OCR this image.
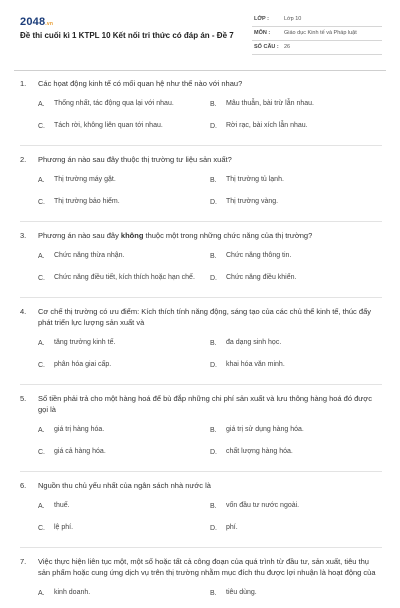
2048.vn
Đề thi cuối kì 1 KTPL 10 Kết nối tri thức có đáp án - Đề 7
LỚP :	Lớp 10
MÔN :	Giáo dục Kinh tế và Pháp luật
SỐ CÂU : 26
1. Các họat động kinh tế có mối quan hệ như thế nào với nhau?
A.	Thống nhất, tác động qua lại với nhau.	B.	Mâu thuẫn, bài trừ lẫn nhau.
C.	Tách rời, không liên quan tới nhau.	D.	Rời rạc, bài xích lẫn nhau.
2. Phương án nào sau đây thuộc thị trường tư liệu sản xuất?
A.	Thị trường máy gặt.	B.	Thị trường tủ lạnh.
C.	Thị trường bảo hiểm.	D.	Thị trường vàng.
3. Phương án nào sau đây không thuộc một trong những chức năng của thị trường?
A.	Chức năng thừa nhận.	B.	Chức năng thông tin.
C.	Chức năng điều tiết, kích thích hoặc hạn chế. D.	Chức năng điều khiển.
4. Cơ chế thị trường có ưu điểm: Kích thích tính năng động, sáng tạo của các chủ thể kinh tế, thúc đẩy phát triển lực lượng sản xuất và
A.	tăng trưởng kinh tế.	B.	đa dạng sinh học.
C.	phân hóa giai cấp.	D.	khai hóa văn minh.
5. Số tiền phải trả cho một hàng hoá để bù đắp những chi phí sản xuất và lưu thông hàng hoá đó được gọi là
A.	giá trị hàng hóa.	B.	giá trị sử dụng hàng hóa.
C.	giá cả hàng hóa.	D.	chất lượng hàng hóa.
6. Nguồn thu chủ yếu nhất của ngân sách nhà nước là
A.	thuế.	B.	vốn đầu tư nước ngoài.
C.	lệ phí.	D.	phí.
7. Việc thực hiện liên tục một, một số hoặc tất cả công đoạn của quá trình từ đầu tư, sản xuất, tiêu thụ sản phẩm hoặc cung ứng dịch vụ trên thị trường nhằm mục đích thu được lợi nhuận là hoạt động của
A.	kinh doanh.	B.	tiêu dùng.
